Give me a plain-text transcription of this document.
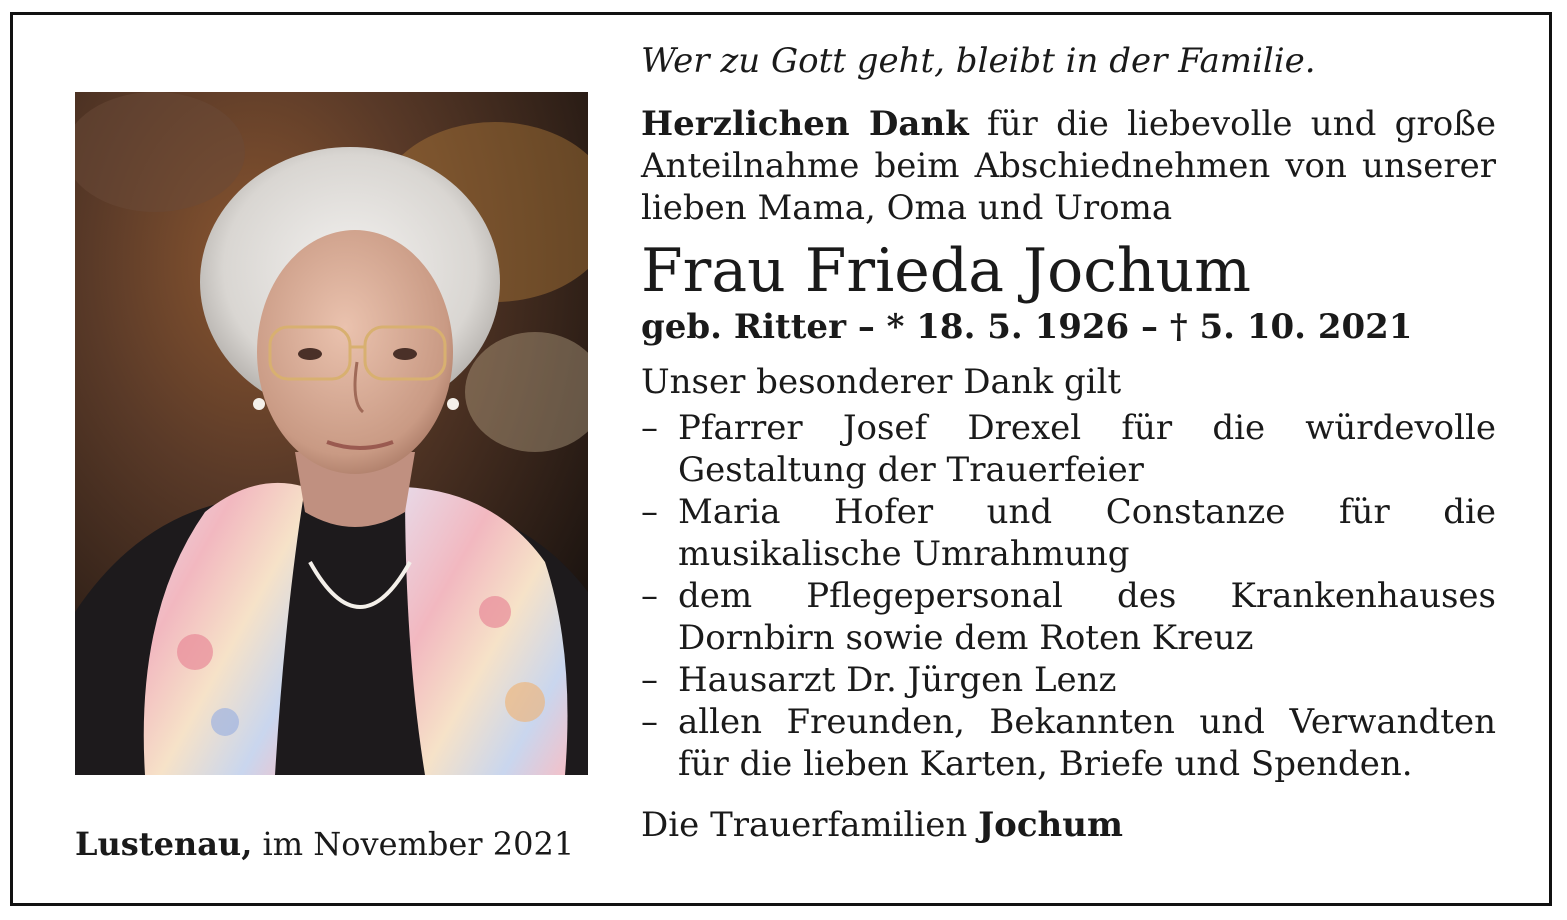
Lustenau, im November 2021
Wer zu Gott geht, bleibt in der Familie.

Herzlichen Dank für die liebevolle und große Anteilnahme beim Abschiednehmen von unserer lieben Mama, Oma und Uroma

Frau Frieda Jochum
geb. Ritter – * 18. 5. 1926 – † 5. 10. 2021
Unser besonderer Dank gilt
– Pfarrer Josef Drexel für die würdevolle Gestaltung der Trauerfeier
– Maria Hofer und Constanze für die musikalische Umrahmung
– dem Pflegepersonal des Krankenhauses Dornbirn sowie dem Roten Kreuz
– Hausarzt Dr. Jürgen Lenz
– allen Freunden, Bekannten und Verwandten für die lieben Karten, Briefe und Spenden.
Die Trauerfamilien Jochum
